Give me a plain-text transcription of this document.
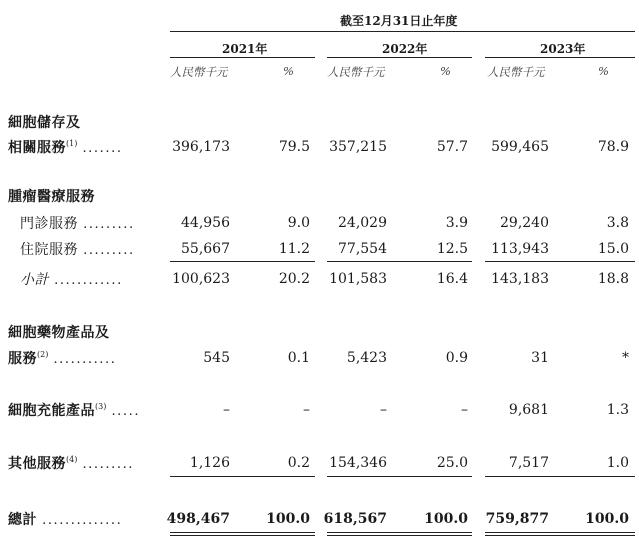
截至12月31日止年度
2021年	2022年	2023年
人民幣千元	%	人民幣千元	%	人民幣千元	%
細胞儲存及
相關服務$^{(1)}$ .......	396,173	79.5	357,215	57.7	599,465	78.9
腫瘤醫療服務
門診服務 .........	44,956	9.0	24,029	3.9	29,240	3.8
住院服務 .........	55,667	11.2	77,554	12.5	113,943	15.0
小計 ............	100,623	20.2	101,583	16.4	143,183	18.8
細胞藥物產品及
服務$^{(2)}$ ...........	545	0.1	5,423	0.9	31	*
細胞充能產品$^{(3)}$ .....	–	–	–	–	9,681	1.3
其他服務$^{(4)}$ .........	1,126	0.2	154,346	25.0	7,517	1.0
總計 ..............	498,467	100.0 618,567	100.0	759,877	100.0
